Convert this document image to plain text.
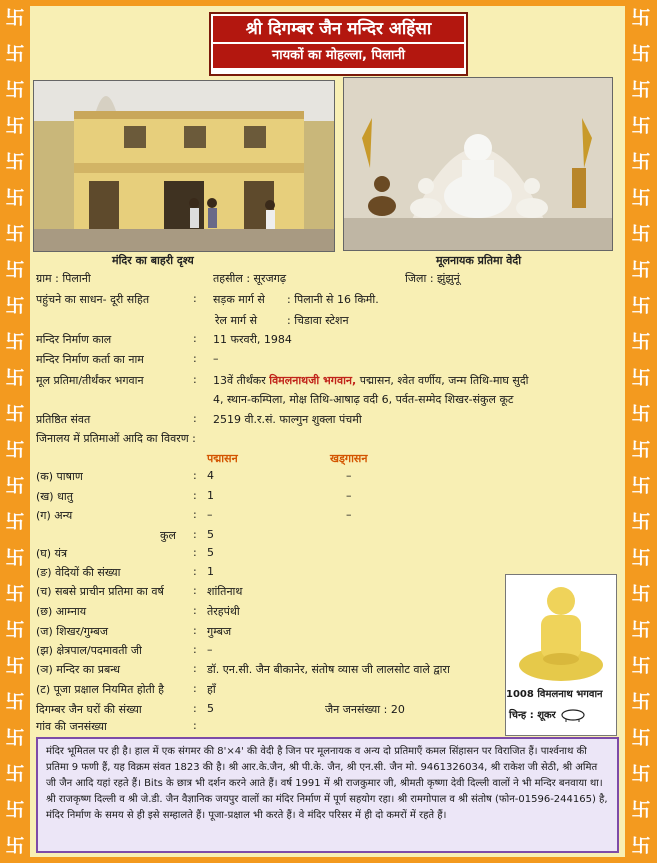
卐
卐
卐
卐
卐
卐
卐
卐
卐
卐
卐
卐
卐
卐
卐
卐
卐
卐
卐
卐
卐
卐
卐
卐
卐
卐
卐
卐
卐
卐
卐
卐
卐
卐
卐
卐
卐
卐
卐
卐
卐
卐
卐
卐
卐
卐
卐
卐
श्री दिगम्बर जैन मन्दिर अहिंसा
नायकों का मोहल्ला, पिलानी
मंदिर का बाहरी दृश्य	मूलनायक प्रतिमा वेदी
ग्राम : पिलानी	तहसील : सूरजगढ़	जिला : झुंझुनूं
पहुंचने का साधन- दूरी सहित	: सड़क मार्ग से : पिलानी से 16 किमी.
रेल मार्ग से	: चिडावा स्टेशन
मन्दिर निर्माण काल	: 11 फरवरी, 1984
मन्दिर निर्माण कर्ता का नाम	: –
मूल प्रतिमा/तीर्थंकर भगवान	: 13वें तीर्थंकर विमलनाथजी भगवान, पद्मासन, श्वेत वर्णीय, जन्म तिथि-माघ सुदी
4, स्थान-कम्पिला, मोक्ष तिथि-आषाढ़ वदी 6, पर्वत-सम्मेद शिखर-संकुल कूट
प्रतिष्ठित संवत	: 2519 वी.र.सं. फाल्गुन शुक्ला पंचमी
जिनालय में प्रतिमाओं आदि का विवरण :
पद्मासन	खड्गासन
(क) पाषाण	: 4	–
(ख) धातु	: 1	–
(ग) अन्य	: –	–
कुल : 5
(घ) यंत्र	: 5
(ङ) वेदियों की संख्या	: 1
(च) सबसे प्राचीन प्रतिमा का वर्ष	: शांतिनाथ
(छ) आम्नाय	: तेरहपंथी
(ज) शिखर/गुम्बज	: गुम्बज
(झ) क्षेत्रपाल/पदमावती जी	: –
(ञ) मन्दिर का प्रबन्ध	: डॉ. एन.सी. जैन बीकानेर, संतोष व्यास जी लालसोट वाले द्वारा
(ट) पूजा प्रक्षाल नियमित होती है	: हाँ
दिगम्बर जैन घरों की संख्या	: 5	जैन जनसंख्या : 20
गांव की जनसंख्या	:
1008 विमलनाथ भगवान
चिन्ह : शूकर

मंदिर भूमितल पर ही है। हाल में एक संगमर की 8'×4' की वेदी है जिन पर मूलनायक व अन्य दो प्रतिमाएँ कमल सिंहासन पर विराजित हैं। पार्श्वनाथ की प्रतिमा 9 फणी हैं, यह विक्रम संवत 1823 की है। श्री आर.के.जैन, श्री पी.के. जैन, श्री एन.सी. जैन मो. 9461326034, श्री राकेश जी सेठी, श्री अमित जी जैन आदि यहां रहते हैं। Bits के छात्र भी दर्शन करने आते हैं। वर्ष 1991 में श्री राजकुमार जी, श्रीमती कृष्णा देवी दिल्ली वालों ने भी मन्दिर बनवाया था। श्री राजकृष्ण दिल्ली व श्री जे.डी. जैन वैज्ञानिक जयपुर वालों का मंदिर निर्माण में पूर्ण सहयोग रहा। श्री रामगोपाल व श्री संतोष (फोन-01596-244165) है, मंदिर निर्माण के समय से ही इसे सम्हालते हैं। पूजा-प्रक्षाल भी करते हैं। वे मंदिर परिसर में ही दो कमरों में रहते हैं।
